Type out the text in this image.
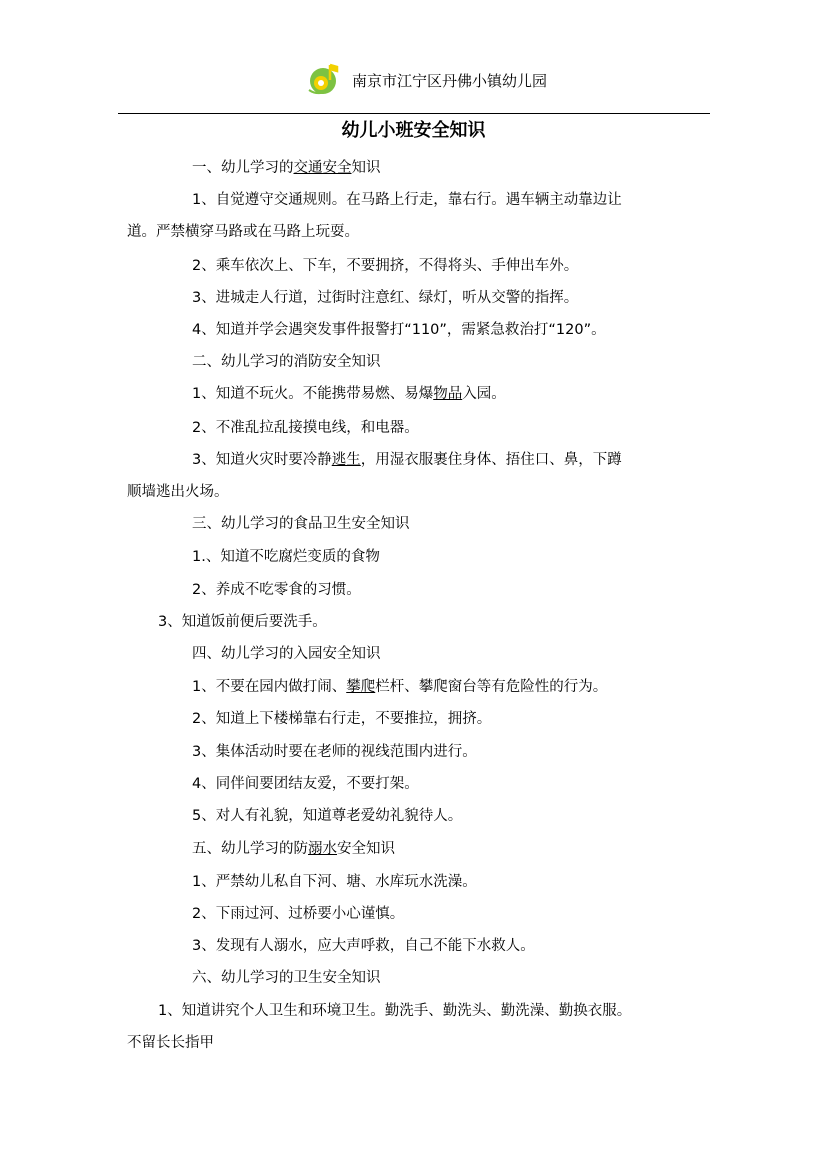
南京市江宁区丹佛小镇幼儿园
幼儿小班安全知识
一、幼儿学习的交通安全知识
1、自觉遵守交通规则。在马路上行走，靠右行。遇车辆主动靠边让
道。严禁横穿马路或在马路上玩耍。
2、乘车依次上、下车，不要拥挤，不得将头、手伸出车外。
3、进城走人行道，过街时注意红、绿灯，听从交警的指挥。
4、知道并学会遇突发事件报警打“110”，需紧急救治打“120”。
二、幼儿学习的消防安全知识
1、知道不玩火。不能携带易燃、易爆物品入园。
2、不准乱拉乱接摸电线，和电器。
3、知道火灾时要冷静逃生，用湿衣服裹住身体、捂住口、鼻，下蹲
顺墙逃出火场。
三、幼儿学习的食品卫生安全知识
1.、知道不吃腐烂变质的食物
2、养成不吃零食的习惯。
3、知道饭前便后要洗手。
四、幼儿学习的入园安全知识
1、不要在园内做打闹、攀爬栏杆、攀爬窗台等有危险性的行为。
2、知道上下楼梯靠右行走，不要推拉，拥挤。
3、集体活动时要在老师的视线范围内进行。
4、同伴间要团结友爱，不要打架。
5、对人有礼貌，知道尊老爱幼礼貌待人。
五、幼儿学习的防溺水安全知识
1、严禁幼儿私自下河、塘、水库玩水洗澡。
2、下雨过河、过桥要小心谨慎。
3、发现有人溺水，应大声呼救，自己不能下水救人。
六、幼儿学习的卫生安全知识
1、知道讲究个人卫生和环境卫生。勤洗手、勤洗头、勤洗澡、勤换衣服。
不留长长指甲
